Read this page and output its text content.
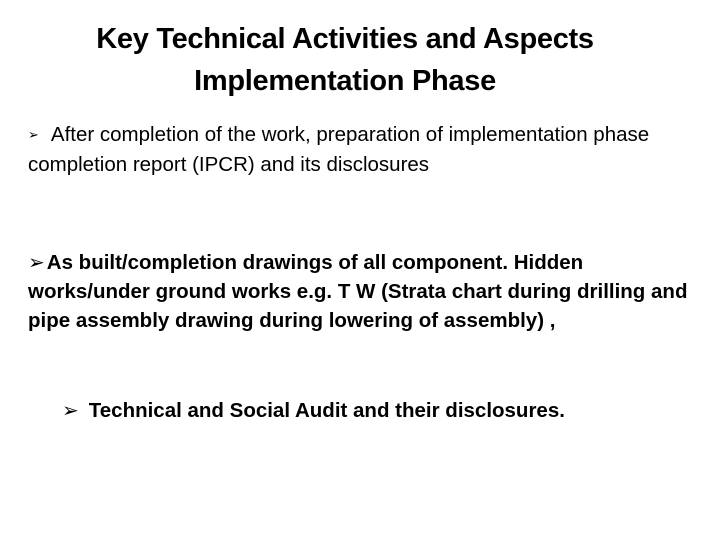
Key Technical Activities and Aspects
Implementation Phase
➢ After completion of the work, preparation of implementation phase completion report (IPCR) and its disclosures
➢As built/completion drawings of all component. Hidden works/under ground works e.g. T W (Strata chart during drilling and pipe assembly drawing during lowering of assembly) ,
➢ Technical and Social Audit and their disclosures.
